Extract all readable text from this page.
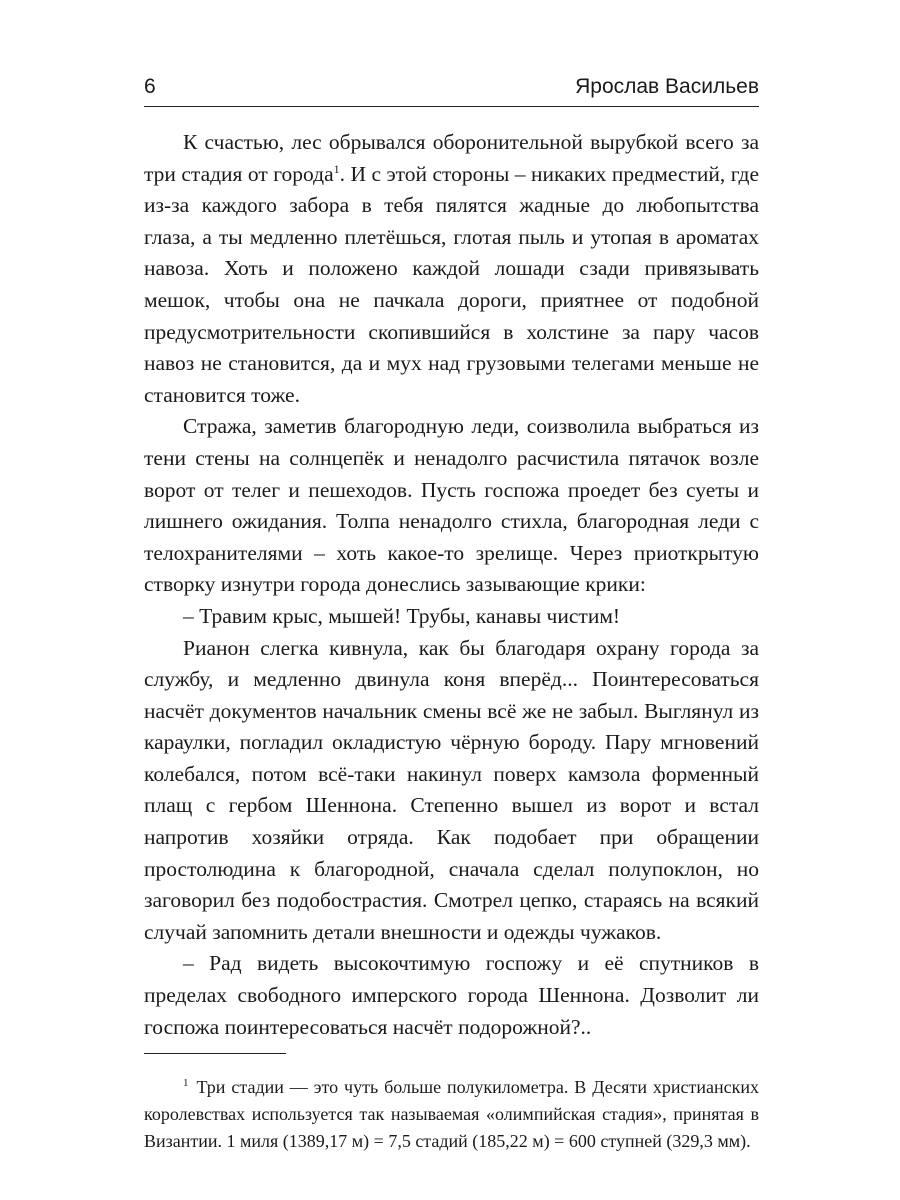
6	Ярослав Васильев

К счастью, лес обрывался оборонительной вырубкой всего за три стадия от города$^1$. И с этой стороны – никаких предместий, где из-за каждого забора в тебя пялятся жадные до любопытства глаза, а ты медленно плетёшься, глотая пыль и утопая в ароматах навоза. Хоть и положено каждой лошади сзади привязывать мешок, чтобы она не пачкала дороги, приятнее от подобной предусмотрительности скопившийся в холстине за пару часов навоз не становится, да и мух над грузовыми телегами меньше не становится тоже.

Стража, заметив благородную леди, соизволила выбраться из тени стены на солнцепёк и ненадолго расчистила пятачок возле ворот от телег и пешеходов. Пусть госпожа проедет без суеты и лишнего ожидания. Толпа ненадолго стихла, благородная леди с телохранителями – хоть какое-то зрелище. Через приоткрытую створку изнутри города донеслись зазывающие крики:

– Травим крыс, мышей! Трубы, канавы чистим!

Рианон слегка кивнула, как бы благодаря охрану города за службу, и медленно двинула коня вперёд... Поинтересоваться насчёт документов начальник смены всё же не забыл. Выглянул из караулки, погладил окладистую чёрную бороду. Пару мгновений колебался, потом всё-таки накинул поверх камзола форменный плащ с гербом Шеннона. Степенно вышел из ворот и встал напротив хозяйки отряда. Как подобает при обращении простолюдина к благородной, сначала сделал полупоклон, но заговорил без подобострастия. Смотрел цепко, стараясь на всякий случай запомнить детали внешности и одежды чужаков.

– Рад видеть высокочтимую госпожу и её спутников в пределах свободного имперского города Шеннона. Дозволит ли госпожа поинтересоваться насчёт подорожной?..

$^1$ Три стадии — это чуть больше полукилометра. В Десяти христианских королевствах используется так называемая «олимпийская стадия», принятая в Византии. 1 миля (1389,17 м) = 7,5 стадий (185,22 м) = 600 ступней (329,3 мм).
